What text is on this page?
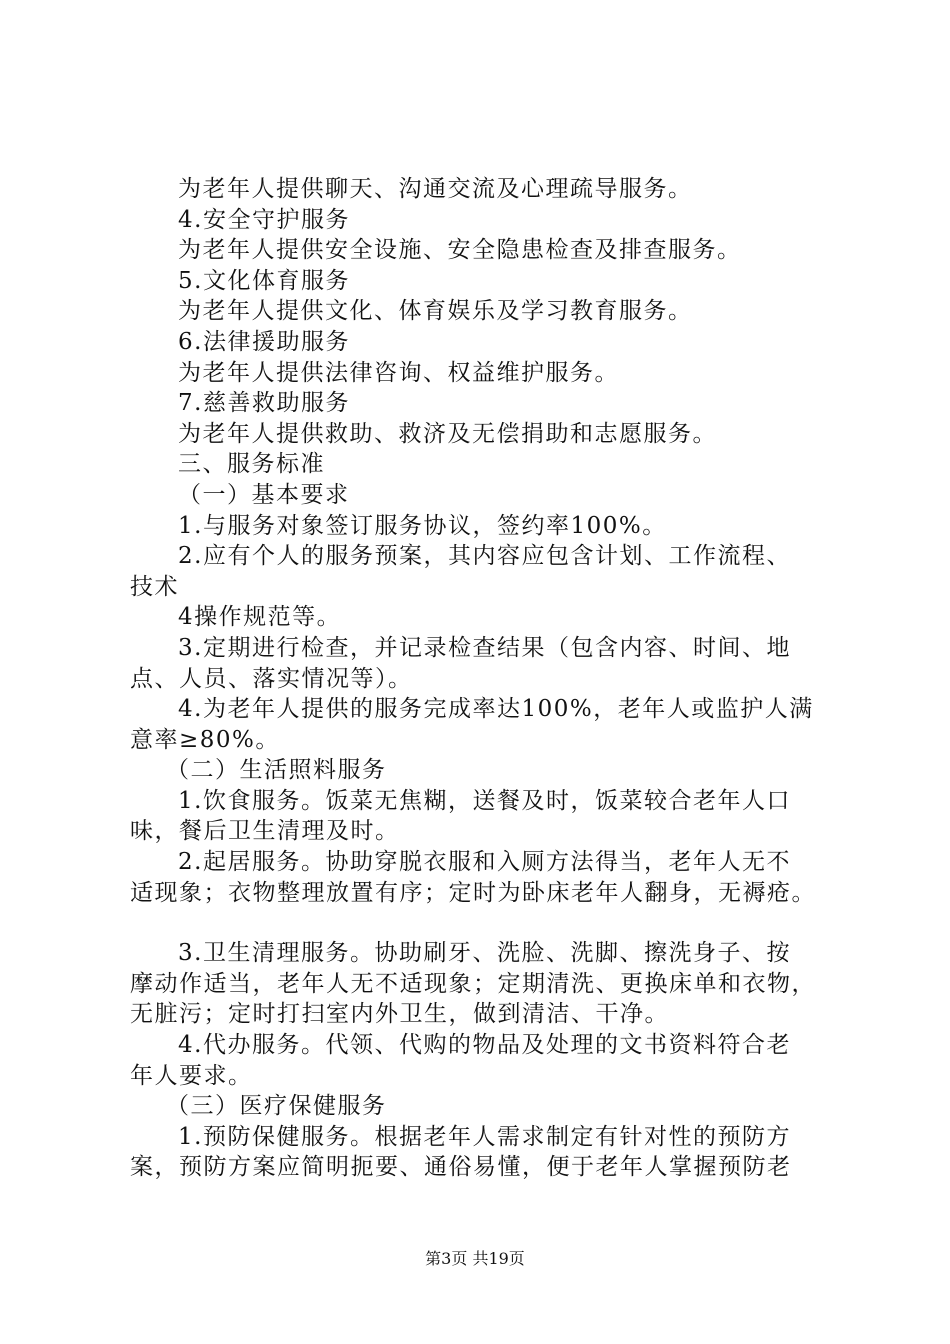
为老年人提供聊天、沟通交流及心理疏导服务。
4.安全守护服务
为老年人提供安全设施、安全隐患检查及排查服务。
5.文化体育服务
为老年人提供文化、体育娱乐及学习教育服务。
6.法律援助服务
为老年人提供法律咨询、权益维护服务。
7.慈善救助服务
为老年人提供救助、救济及无偿捐助和志愿服务。
三、服务标准
（一）基本要求
1.与服务对象签订服务协议，签约率100%。
2.应有个人的服务预案，其内容应包含计划、工作流程、
技术
4操作规范等。
3.定期进行检查，并记录检查结果（包含内容、时间、地
点、人员、落实情况等）。
4.为老年人提供的服务完成率达100%，老年人或监护人满
意率≥80%。
（二）生活照料服务
1.饮食服务。饭菜无焦糊，送餐及时，饭菜较合老年人口
味，餐后卫生清理及时。
2.起居服务。协助穿脱衣服和入厕方法得当，老年人无不
适现象；衣物整理放置有序；定时为卧床老年人翻身，无褥疮。
3.卫生清理服务。协助刷牙、洗脸、洗脚、擦洗身子、按
摩动作适当，老年人无不适现象；定期清洗、更换床单和衣物，
无脏污；定时打扫室内外卫生，做到清洁、干净。
4.代办服务。代领、代购的物品及处理的文书资料符合老
年人要求。
（三）医疗保健服务
1.预防保健服务。根据老年人需求制定有针对性的预防方
案，预防方案应简明扼要、通俗易懂，便于老年人掌握预防老
第3页 共19页
